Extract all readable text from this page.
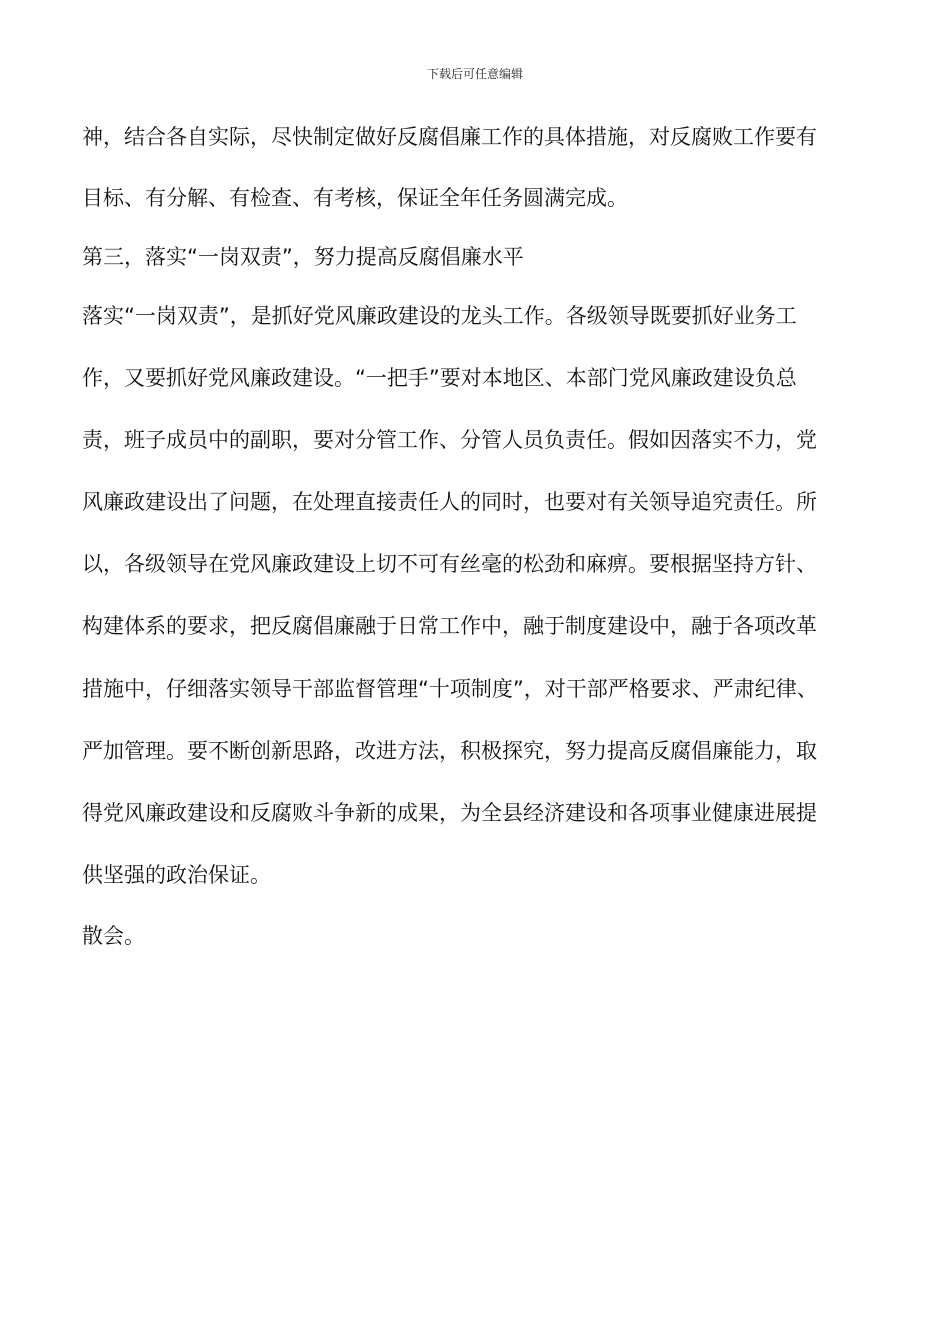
下载后可任意编辑
神，结合各自实际，尽快制定做好反腐倡廉工作的具体措施，对反腐败工作要有
目标、有分解、有检查、有考核，保证全年任务圆满完成。
第三，落实“一岗双责”，努力提高反腐倡廉水平
落实“一岗双责”，是抓好党风廉政建设的龙头工作。各级领导既要抓好业务工
作，又要抓好党风廉政建设。“一把手”要对本地区、本部门党风廉政建设负总
责，班子成员中的副职，要对分管工作、分管人员负责任。假如因落实不力，党
风廉政建设出了问题，在处理直接责任人的同时，也要对有关领导追究责任。所
以，各级领导在党风廉政建设上切不可有丝毫的松劲和麻痹。要根据坚持方针、
构建体系的要求，把反腐倡廉融于日常工作中，融于制度建设中，融于各项改革
措施中，仔细落实领导干部监督管理“十项制度”，对干部严格要求、严肃纪律、
严加管理。要不断创新思路，改进方法，积极探究，努力提高反腐倡廉能力，取
得党风廉政建设和反腐败斗争新的成果，为全县经济建设和各项事业健康进展提
供坚强的政治保证。
散会。
